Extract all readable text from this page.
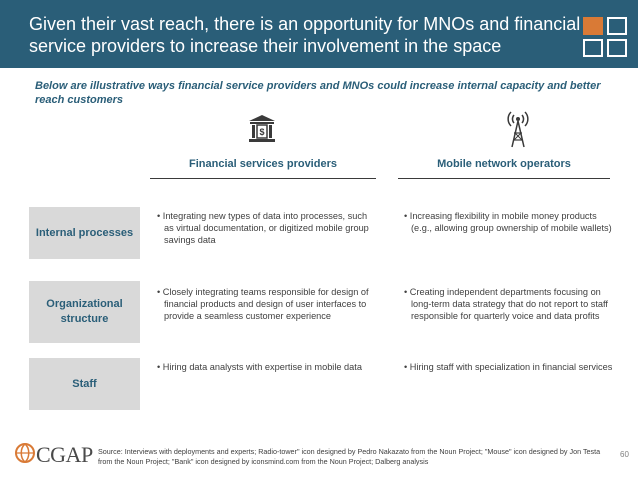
Given their vast reach, there is an opportunity for MNOs and financial service providers to increase their involvement in the space
Below are illustrative ways financial service providers and MNOs could increase internal capacity and better reach customers
$
Financial services providers	Mobile network operators
Internal processes
• Integrating new types of data into processes, such as virtual documentation, or digitized mobile group savings data
• Increasing flexibility in mobile money products (e.g., allowing group ownership of mobile wallets)
Organizational structure
• Closely integrating teams responsible for design of financial products and design of user interfaces to provide a seamless customer experience
• Creating independent departments focusing on long-term data strategy that do not report to staff responsible for quarterly voice and data profits
Staff
• Hiring data analysts with expertise in mobile data	• Hiring staff with specialization in financial services
CGAP Source: Interviews with deployments and experts; Radio-tower" icon designed by Pedro Nakazato from the Noun Project; "Mouse" icon designed by Jon Testa from the Noun Project; "Bank" icon designed by iconsmind.com from the Noun Project; Dalberg analysis
60
